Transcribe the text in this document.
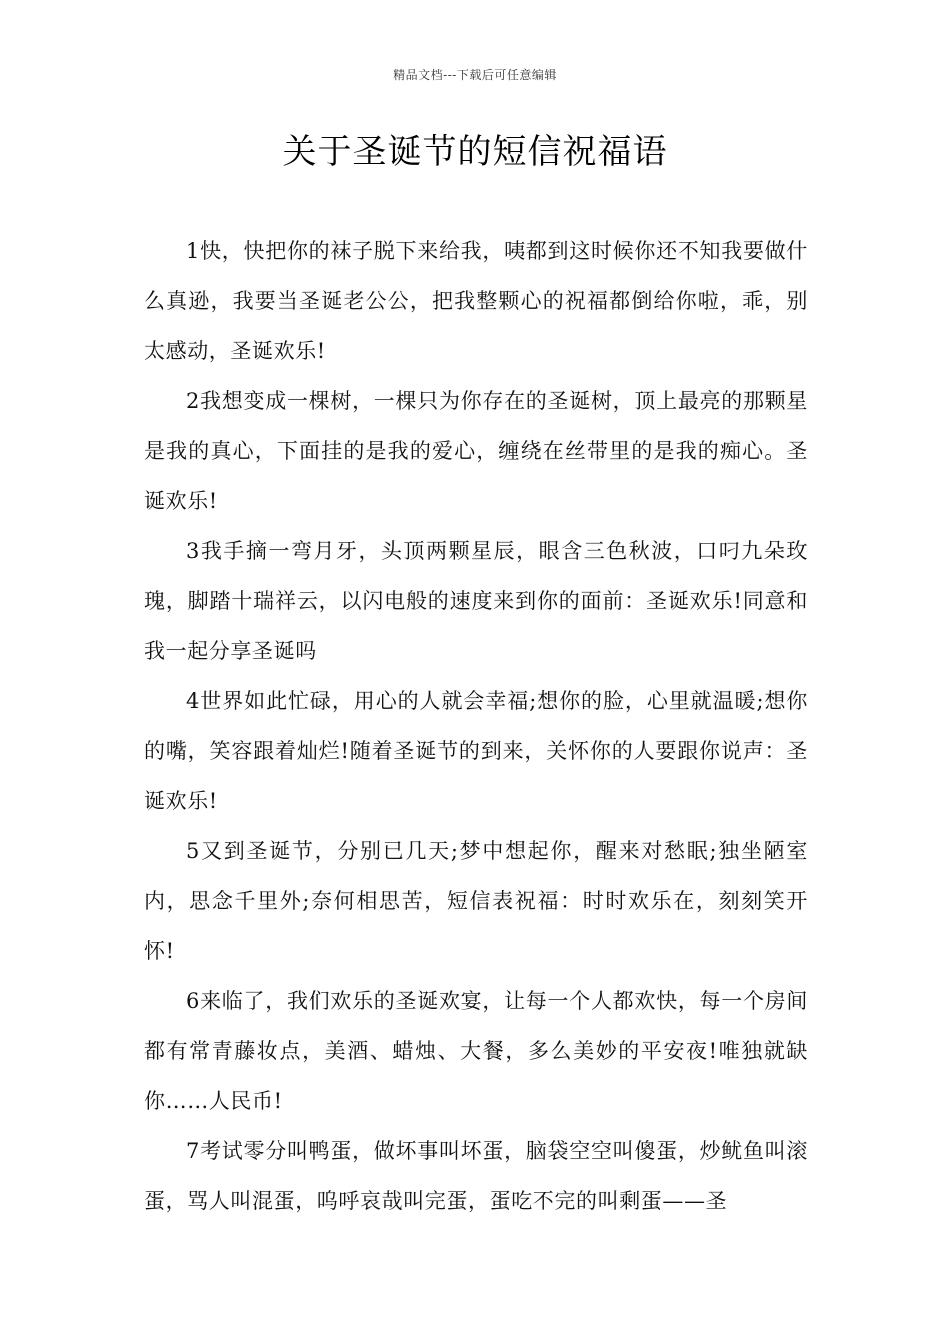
精品文档---下载后可任意编辑
关于圣诞节的短信祝福语

1快，快把你的袜子脱下来给我，咦都到这时候你还不知我要做什么真逊，我要当圣诞老公公，把我整颗心的祝福都倒给你啦，乖，别太感动，圣诞欢乐!

2我想变成一棵树，一棵只为你存在的圣诞树，顶上最亮的那颗星是我的真心，下面挂的是我的爱心，缠绕在丝带里的是我的痴心。圣诞欢乐!

3我手摘一弯月牙，头顶两颗星辰，眼含三色秋波，口叼九朵玫瑰，脚踏十瑞祥云，以闪电般的速度来到你的面前：圣诞欢乐!同意和我一起分享圣诞吗

4世界如此忙碌，用心的人就会幸福;想你的脸，心里就温暖;想你的嘴，笑容跟着灿烂!随着圣诞节的到来，关怀你的人要跟你说声：圣诞欢乐!

5又到圣诞节，分别已几天;梦中想起你，醒来对愁眠;独坐陋室内，思念千里外;奈何相思苦，短信表祝福：时时欢乐在，刻刻笑开怀!

6来临了，我们欢乐的圣诞欢宴，让每一个人都欢快，每一个房间都有常青藤妆点，美酒、蜡烛、大餐，多么美妙的平安夜!唯独就缺你……人民币!

7考试零分叫鸭蛋，做坏事叫坏蛋，脑袋空空叫傻蛋，炒鱿鱼叫滚蛋，骂人叫混蛋，呜呼哀哉叫完蛋，蛋吃不完的叫剩蛋——圣
